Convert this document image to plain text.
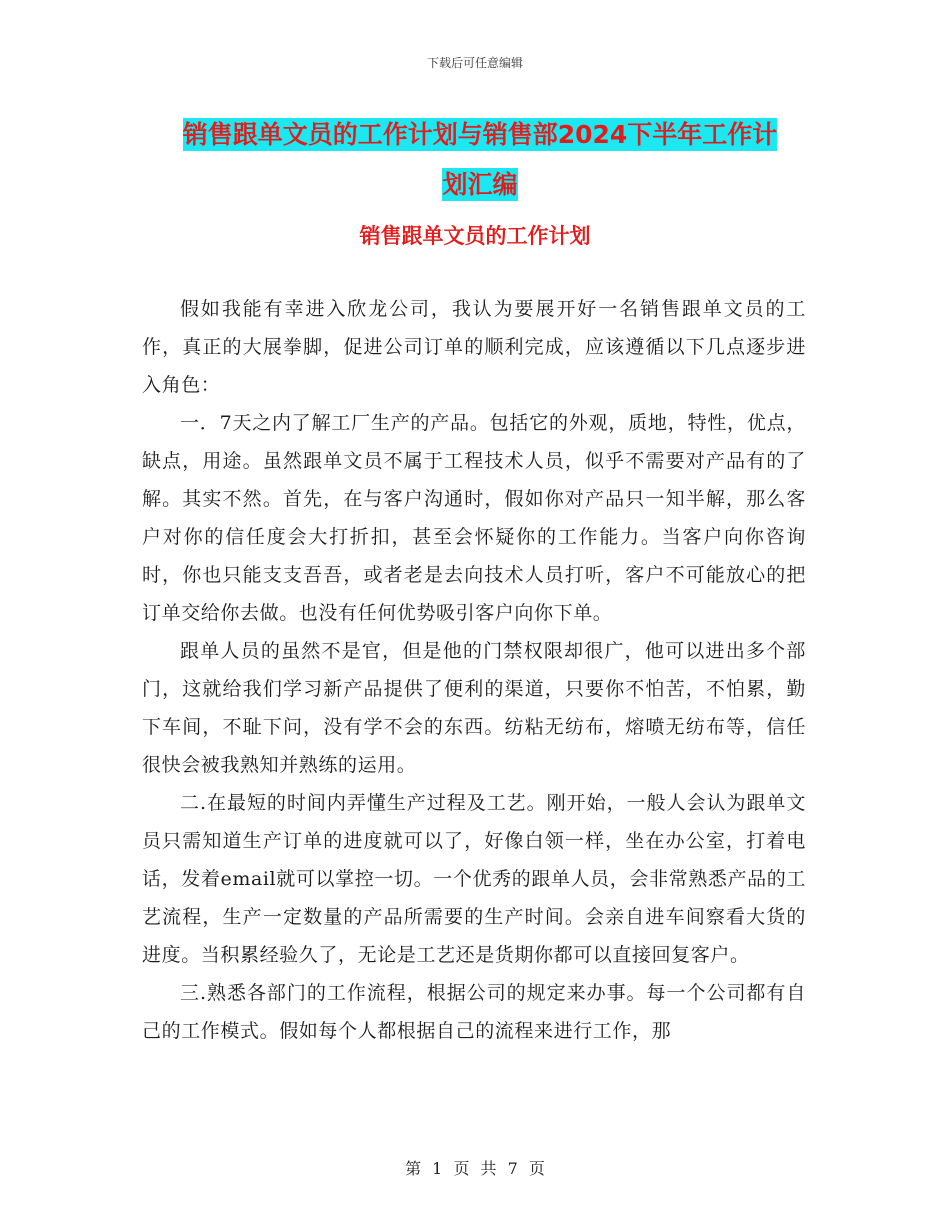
下载后可任意编辑
销售跟单文员的工作计划与销售部2024下半年工作计
划汇编
销售跟单文员的工作计划

假如我能有幸进入欣龙公司，我认为要展开好一名销售跟单文员的工作，真正的大展拳脚，促进公司订单的顺利完成，应该遵循以下几点逐步进入角色：

一．7天之内了解工厂生产的产品。包括它的外观，质地，特性，优点，缺点，用途。虽然跟单文员不属于工程技术人员，似乎不需要对产品有的了解。其实不然。首先，在与客户沟通时，假如你对产品只一知半解，那么客户对你的信任度会大打折扣，甚至会怀疑你的工作能力。当客户向你咨询时，你也只能支支吾吾，或者老是去向技术人员打听，客户不可能放心的把订单交给你去做。也没有任何优势吸引客户向你下单。

跟单人员的虽然不是官，但是他的门禁权限却很广，他可以进出多个部门，这就给我们学习新产品提供了便利的渠道，只要你不怕苦，不怕累，勤下车间，不耻下问，没有学不会的东西。纺粘无纺布，熔喷无纺布等，信任很快会被我熟知并熟练的运用。

二.在最短的时间内弄懂生产过程及工艺。刚开始，一般人会认为跟单文员只需知道生产订单的进度就可以了，好像白领一样，坐在办公室，打着电话，发着email就可以掌控一切。一个优秀的跟单人员，会非常熟悉产品的工艺流程，生产一定数量的产品所需要的生产时间。会亲自进车间察看大货的进度。当积累经验久了，无论是工艺还是货期你都可以直接回复客户。

三.熟悉各部门的工作流程，根据公司的规定来办事。每一个公司都有自己的工作模式。假如每个人都根据自己的流程来进行工作，那

第 1 页 共 7 页
